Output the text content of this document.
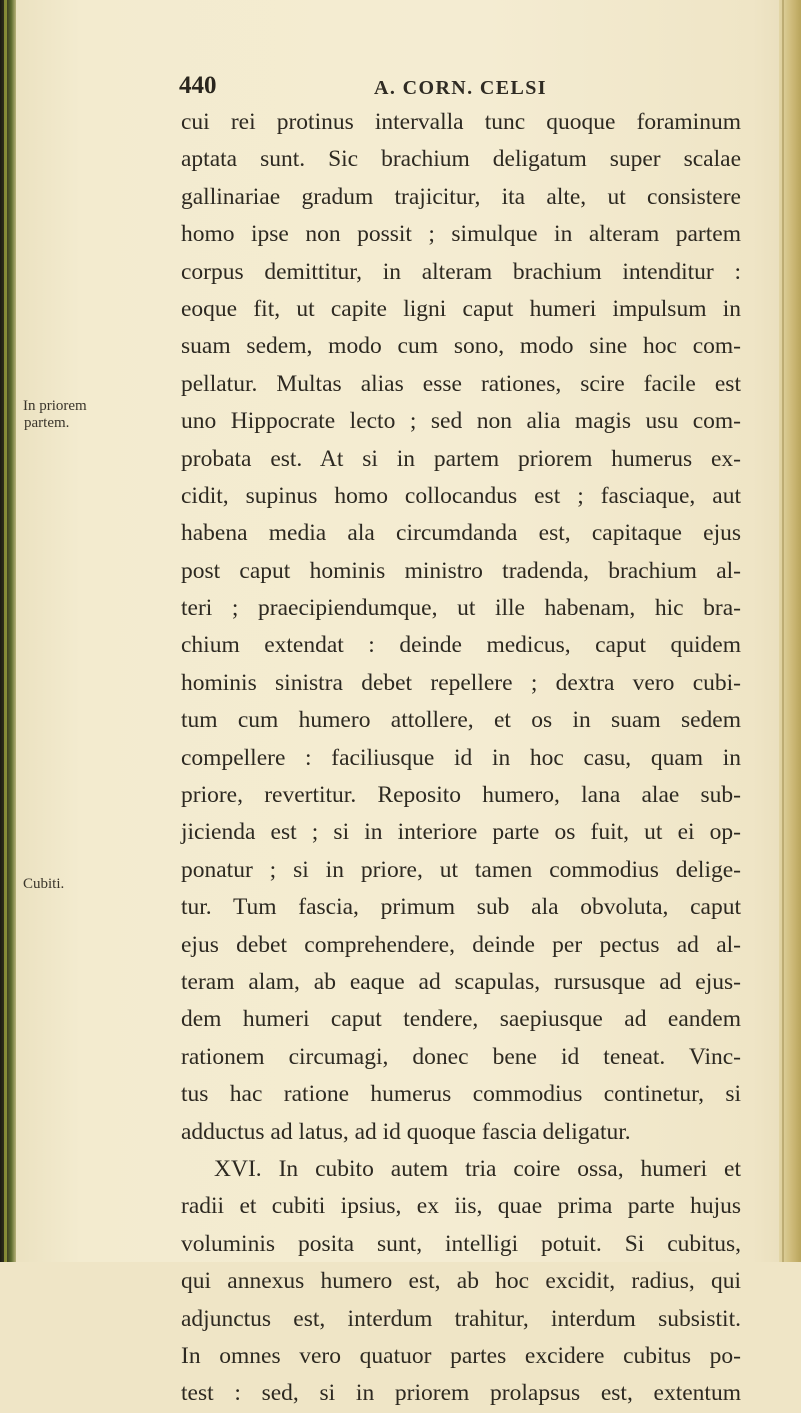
440	A. CORN. CELSI
In priorem
partem.
Cubiti.
cui rei protinus intervalla tunc quoque foraminum
aptata sunt. Sic brachium deligatum super scalae
gallinariae gradum trajicitur, ita alte, ut consistere
homo ipse non possit ; simulque in alteram partem
corpus demittitur, in alteram brachium intenditur :
eoque fit, ut capite ligni caput humeri impulsum in
suam sedem, modo cum sono, modo sine hoc com-
pellatur. Multas alias esse rationes, scire facile est
uno Hippocrate lecto ; sed non alia magis usu com-
probata est. At si in partem priorem humerus ex-
cidit, supinus homo collocandus est ; fasciaque, aut
habena media ala circumdanda est, capitaque ejus
post caput hominis ministro tradenda, brachium al-
teri ; praecipiendumque, ut ille habenam, hic bra-
chium extendat : deinde medicus, caput quidem
hominis sinistra debet repellere ; dextra vero cubi-
tum cum humero attollere, et os in suam sedem
compellere : faciliusque id in hoc casu, quam in
priore, revertitur. Reposito humero, lana alae sub-
jicienda est ; si in interiore parte os fuit, ut ei op-
ponatur ; si in priore, ut tamen commodius delige-
tur. Tum fascia, primum sub ala obvoluta, caput
ejus debet comprehendere, deinde per pectus ad al-
teram alam, ab eaque ad scapulas, rursusque ad ejus-
dem humeri caput tendere, saepiusque ad eandem
rationem circumagi, donec bene id teneat. Vinc-
tus hac ratione humerus commodius continetur, si
adductus ad latus, ad id quoque fascia deligatur.
XVI. In cubito autem tria coire ossa, humeri et
radii et cubiti ipsius, ex iis, quae prima parte hujus
voluminis posita sunt, intelligi potuit. Si cubitus,
qui annexus humero est, ab hoc excidit, radius, qui
adjunctus est, interdum trahitur, interdum subsistit.
In omnes vero quatuor partes excidere cubitus po-
test : sed, si in priorem prolapsus est, extentum
